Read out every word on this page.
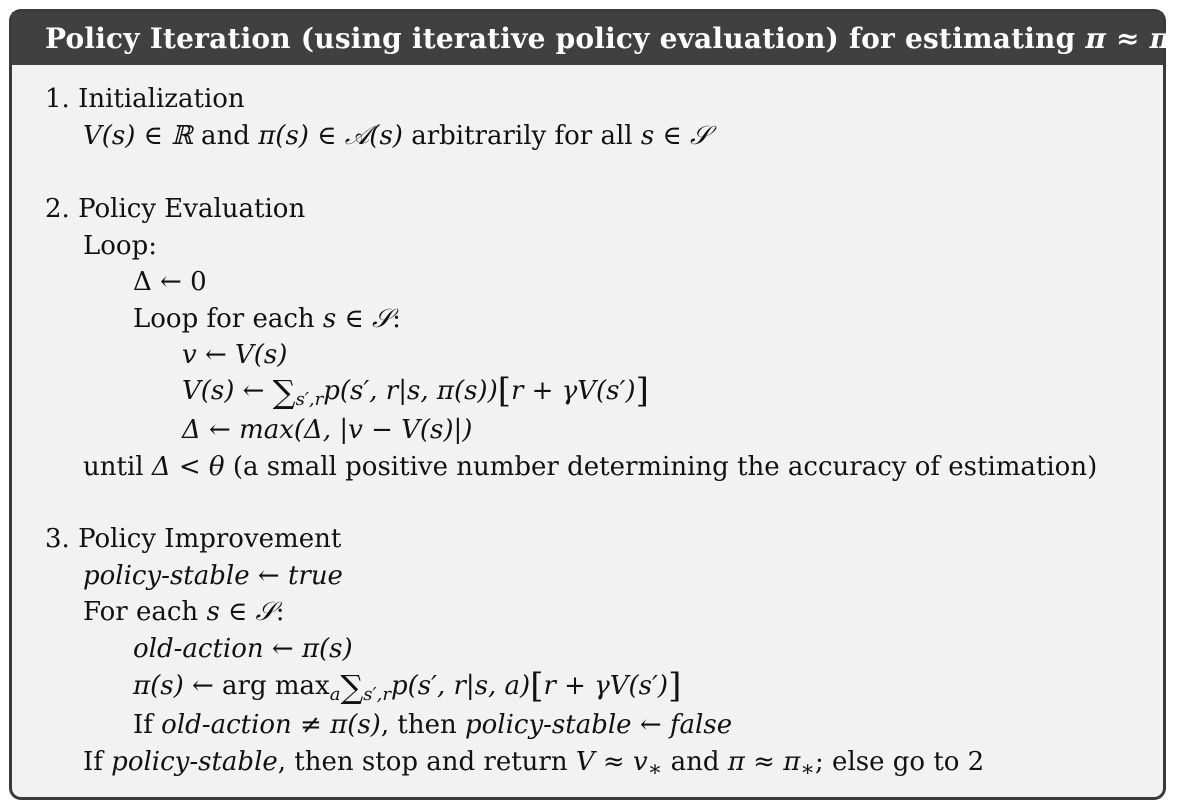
Policy Iteration (using iterative policy evaluation) for estimating $\pi \approx \pi_∗$
1. Initialization
V(s) ∈ ℝ and π(s) ∈ 𝒜(s) arbitrarily for all s ∈ 𝒮
2. Policy Evaluation
Loop:
Δ ← 0
Loop for each s ∈ 𝒮:
v ← V(s)
V(s) ← $\sum_{s',r}p(s'$, r|s, π(s))[r + γV(s′)]
Δ ← max(Δ, |v − V(s)|)
until Δ < θ (a small positive number determining the accuracy of estimation)
3. Policy Improvement
policy-stable ← true
For each s ∈ 𝒮:
old-action ← π(s)
π(s) ← arg $\max_a\sum_{s',r}p(s'$, r|s, a)[r + γV(s′)]
If old-action ≠ π(s), then policy-stable ← false
If policy-stable, then stop and return $V \approx v_∗$ and $\pi \approx \pi_∗$; else go to 2
